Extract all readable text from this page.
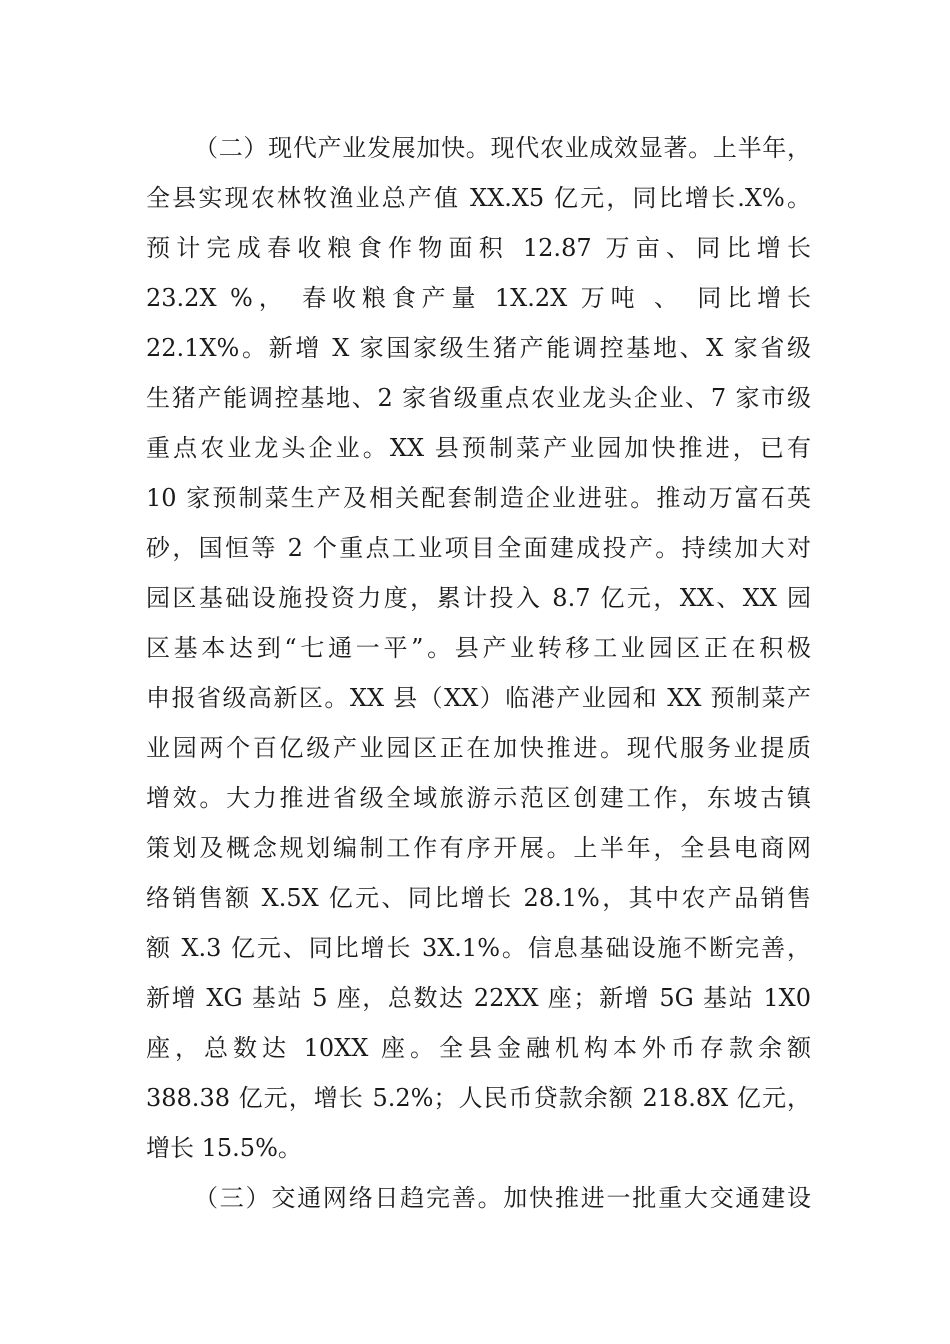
（二）现代产业发展加快。现代农业成效显著。上半年，
全县实现农林牧渔业总产值 XX.X5 亿元，同比增长.X%。
预计完成春收粮食作物面积 12.87 万亩、同比增长
23.2X %， 春收粮食产量 1X.2X 万吨 、 同比增长
22.1X%。新增 X 家国家级生猪产能调控基地、X 家省级
生猪产能调控基地、2 家省级重点农业龙头企业、7 家市级
重点农业龙头企业。XX 县预制菜产业园加快推进，已有
10 家预制菜生产及相关配套制造企业进驻。推动万富石英
砂，国恒等 2 个重点工业项目全面建成投产。持续加大对
园区基础设施投资力度，累计投入 8.7 亿元，XX、XX 园
区基本达到“七通一平”。县产业转移工业园区正在积极
申报省级高新区。XX 县（XX）临港产业园和 XX 预制菜产
业园两个百亿级产业园区正在加快推进。现代服务业提质
增效。大力推进省级全域旅游示范区创建工作，东坡古镇
策划及概念规划编制工作有序开展。上半年，全县电商网
络销售额 X.5X 亿元、同比增长 28.1%，其中农产品销售
额 X.3 亿元、同比增长 3X.1%。信息基础设施不断完善，
新增 XG 基站 5 座，总数达 22XX 座；新增 5G 基站 1X0
座，总数达 10XX 座。全县金融机构本外币存款余额
388.38 亿元，增长 5.2%；人民币贷款余额 218.8X 亿元，
增长 15.5%。
（三）交通网络日趋完善。加快推进一批重大交通建设
